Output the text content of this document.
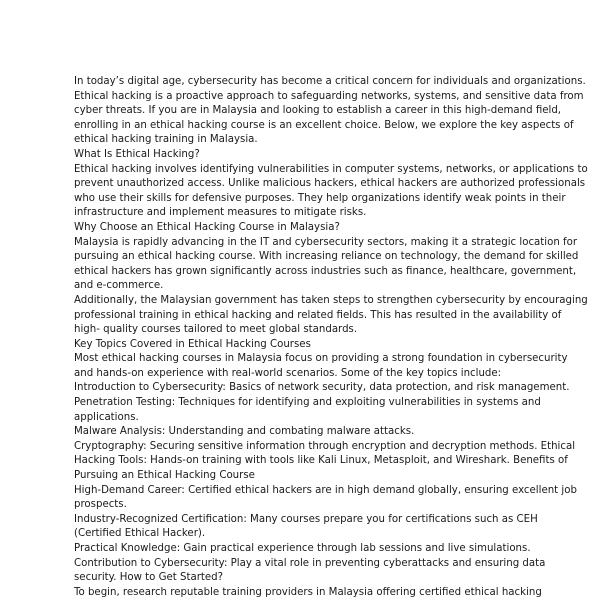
In today’s digital age, cybersecurity has become a critical concern for individuals and organizations.
Ethical hacking is a proactive approach to safeguarding networks, systems, and sensitive data from
cyber threats. If you are in Malaysia and looking to establish a career in this high-demand field,
enrolling in an ethical hacking course is an excellent choice. Below, we explore the key aspects of
ethical hacking training in Malaysia.
What Is Ethical Hacking?
Ethical hacking involves identifying vulnerabilities in computer systems, networks, or applications to
prevent unauthorized access. Unlike malicious hackers, ethical hackers are authorized professionals
who use their skills for defensive purposes. They help organizations identify weak points in their
infrastructure and implement measures to mitigate risks.
Why Choose an Ethical Hacking Course in Malaysia?
Malaysia is rapidly advancing in the IT and cybersecurity sectors, making it a strategic location for
pursuing an ethical hacking course. With increasing reliance on technology, the demand for skilled
ethical hackers has grown significantly across industries such as finance, healthcare, government,
and e-commerce.
Additionally, the Malaysian government has taken steps to strengthen cybersecurity by encouraging
professional training in ethical hacking and related fields. This has resulted in the availability of
high- quality courses tailored to meet global standards.
Key Topics Covered in Ethical Hacking Courses
Most ethical hacking courses in Malaysia focus on providing a strong foundation in cybersecurity
and hands-on experience with real-world scenarios. Some of the key topics include:
Introduction to Cybersecurity: Basics of network security, data protection, and risk management.
Penetration Testing: Techniques for identifying and exploiting vulnerabilities in systems and
applications.
Malware Analysis: Understanding and combating malware attacks.
Cryptography: Securing sensitive information through encryption and decryption methods. Ethical
Hacking Tools: Hands-on training with tools like Kali Linux, Metasploit, and Wireshark. Benefits of
Pursuing an Ethical Hacking Course
High-Demand Career: Certified ethical hackers are in high demand globally, ensuring excellent job
prospects.
Industry-Recognized Certification: Many courses prepare you for certifications such as CEH
(Certified Ethical Hacker).
Practical Knowledge: Gain practical experience through lab sessions and live simulations.
Contribution to Cybersecurity: Play a vital role in preventing cyberattacks and ensuring data
security. How to Get Started?
To begin, research reputable training providers in Malaysia offering certified ethical hacking
